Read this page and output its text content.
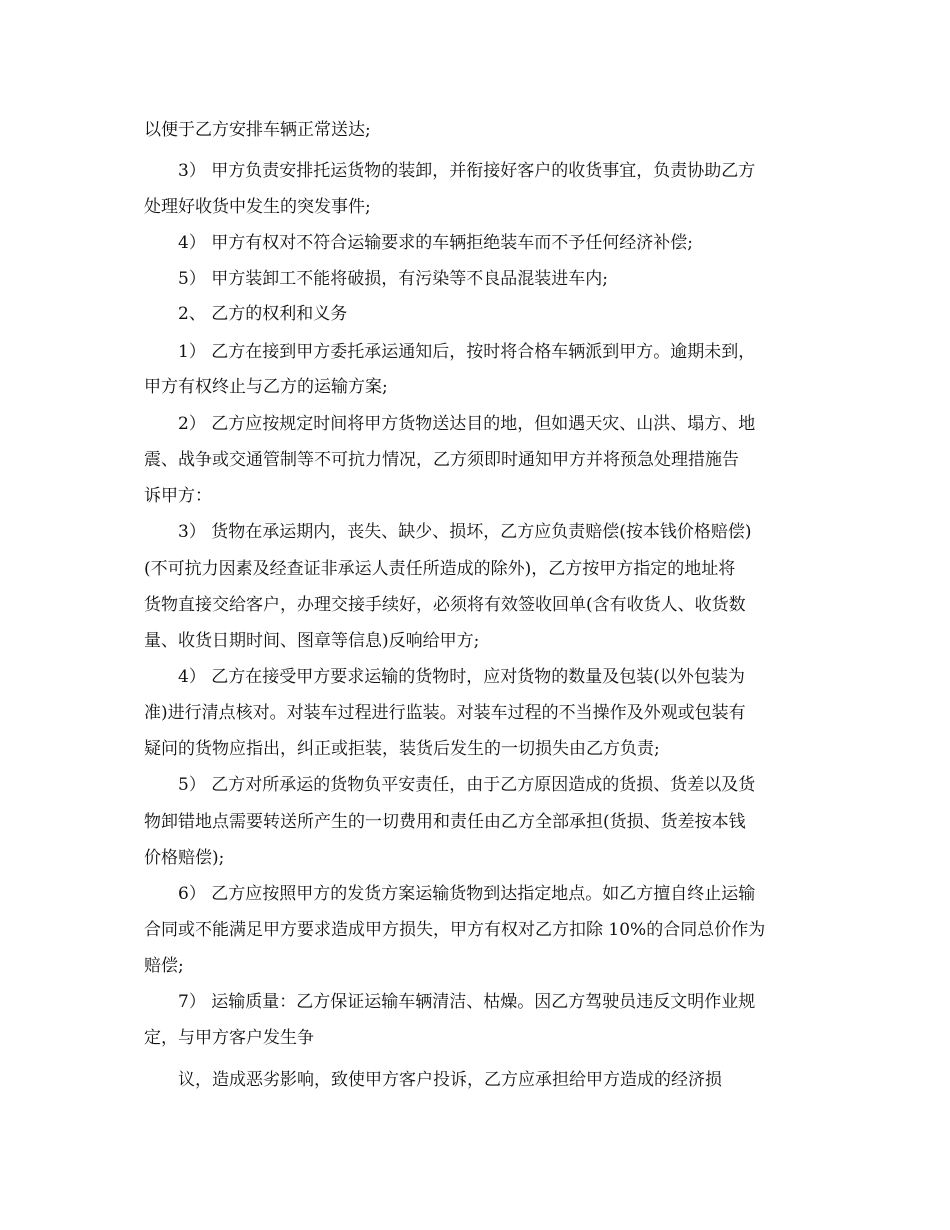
以便于乙方安排车辆正常送达;
3） 甲方负责安排托运货物的装卸，并衔接好客户的收货事宜，负责协助乙方
处理好收货中发生的突发事件;
4） 甲方有权对不符合运输要求的车辆拒绝装车而不予任何经济补偿;
5） 甲方装卸工不能将破损，有污染等不良品混装进车内;
2、 乙方的权利和义务
1） 乙方在接到甲方委托承运通知后，按时将合格车辆派到甲方。逾期未到，
甲方有权终止与乙方的运输方案;
2） 乙方应按规定时间将甲方货物送达目的地，但如遇天灾、山洪、塌方、地
震、战争或交通管制等不可抗力情况，乙方须即时通知甲方并将预急处理措施告
诉甲方：
3） 货物在承运期内，丧失、缺少、损坏，乙方应负责赔偿(按本钱价格赔偿)
(不可抗力因素及经查证非承运人责任所造成的除外)，乙方按甲方指定的地址将
货物直接交给客户，办理交接手续好，必须将有效签收回单(含有收货人、收货数
量、收货日期时间、图章等信息)反响给甲方;
4） 乙方在接受甲方要求运输的货物时，应对货物的数量及包装(以外包装为
准)进行清点核对。对装车过程进行监装。对装车过程的不当操作及外观或包装有
疑问的货物应指出，纠正或拒装，装货后发生的一切损失由乙方负责;
5） 乙方对所承运的货物负平安责任，由于乙方原因造成的货损、货差以及货
物卸错地点需要转送所产生的一切费用和责任由乙方全部承担(货损、货差按本钱
价格赔偿);
6） 乙方应按照甲方的发货方案运输货物到达指定地点。如乙方擅自终止运输
合同或不能满足甲方要求造成甲方损失，甲方有权对乙方扣除 10%的合同总价作为
赔偿;
7） 运输质量：乙方保证运输车辆清洁、枯燥。因乙方驾驶员违反文明作业规
定，与甲方客户发生争
议，造成恶劣影响，致使甲方客户投诉，乙方应承担给甲方造成的经济损
